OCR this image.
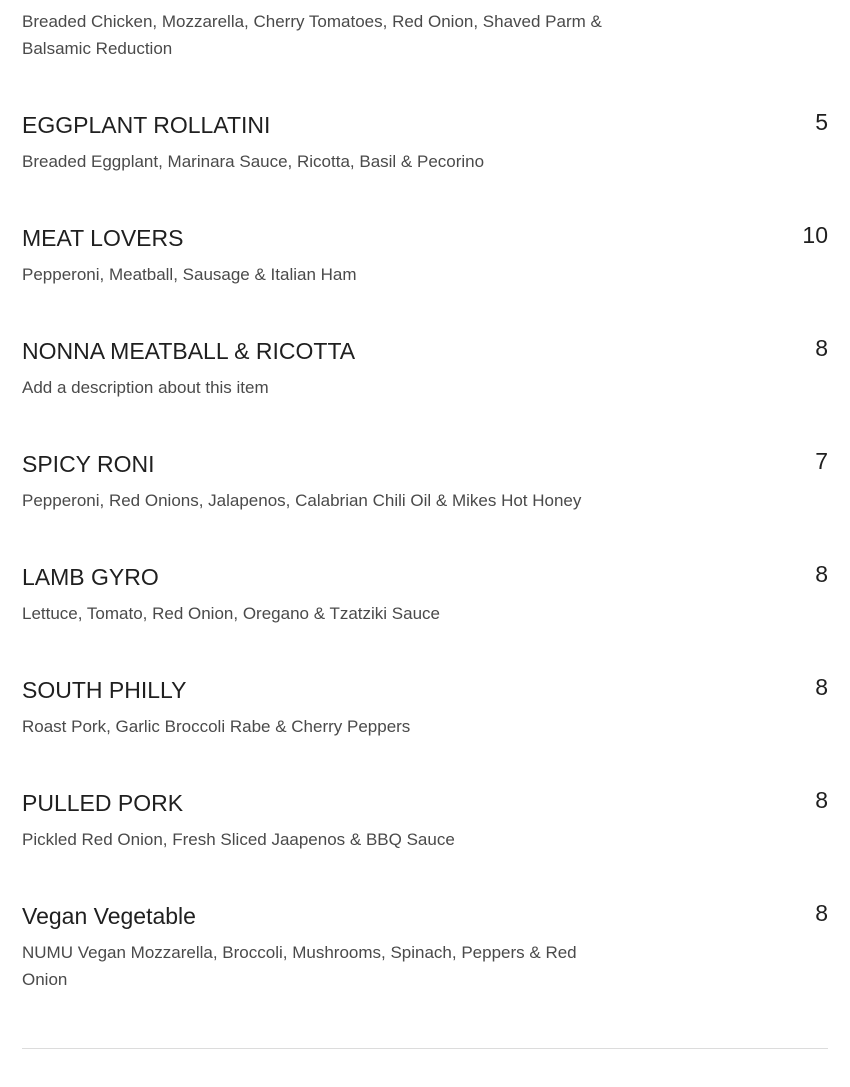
Breaded Chicken, Mozzarella, Cherry Tomatoes, Red Onion, Shaved Parm & Balsamic Reduction
EGGPLANT ROLLATINI	5
Breaded Eggplant, Marinara Sauce, Ricotta, Basil & Pecorino
MEAT LOVERS	10
Pepperoni, Meatball, Sausage & Italian Ham
NONNA MEATBALL & RICOTTA	8
Add a description about this item
SPICY RONI	7
Pepperoni, Red Onions, Jalapenos, Calabrian Chili Oil & Mikes Hot Honey
LAMB GYRO	8
Lettuce, Tomato, Red Onion, Oregano & Tzatziki Sauce
SOUTH PHILLY	8
Roast Pork, Garlic Broccoli Rabe & Cherry Peppers
PULLED PORK	8
Pickled Red Onion, Fresh Sliced Jaapenos & BBQ Sauce
Vegan Vegetable	8
NUMU Vegan Mozzarella, Broccoli, Mushrooms, Spinach, Peppers & Red Onion
